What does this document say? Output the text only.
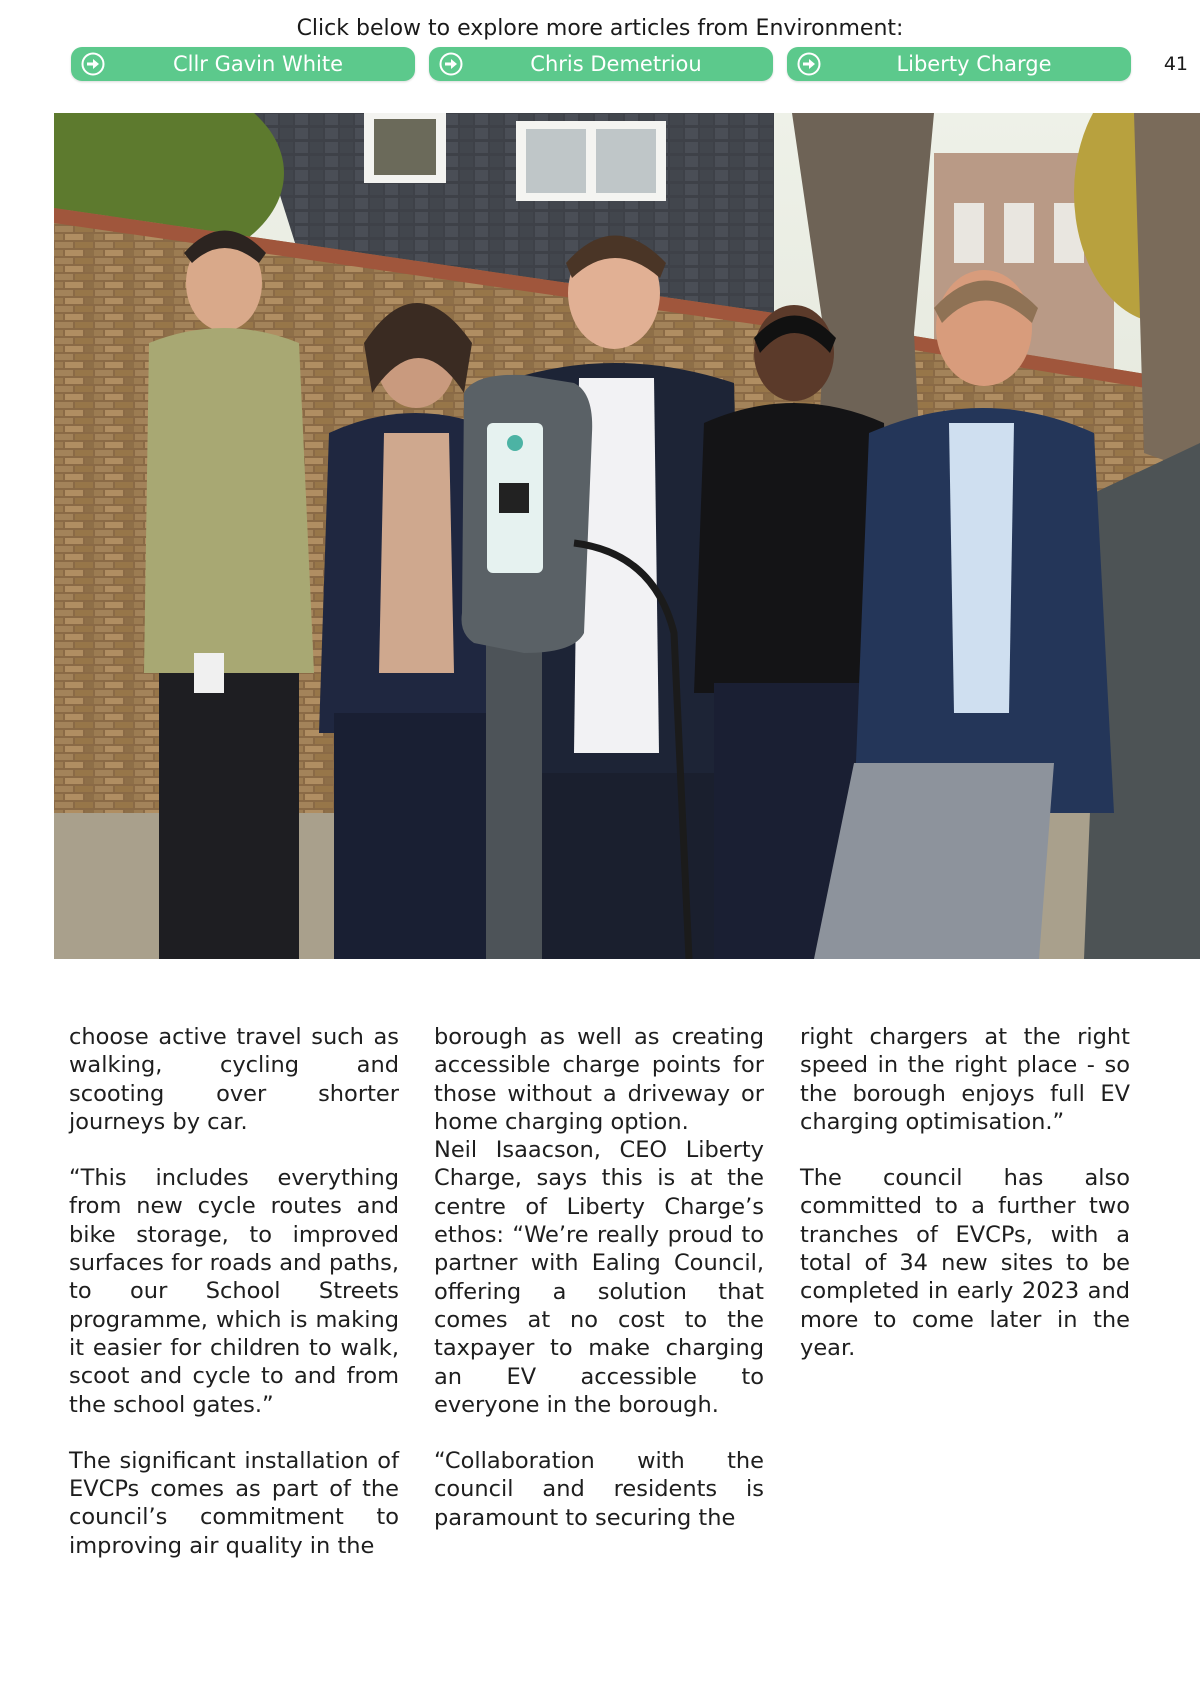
Click below to explore more articles from Environment:
Cllr Gavin White	Chris Demetriou	Liberty Charge	41

choose active travel such as walking, cycling and scooting over shorter journeys by car.

“This includes everything from new cycle routes and bike storage, to improved surfaces for roads and paths, to our School Streets programme, which is making it easier for children to walk, scoot and cycle to and from the school gates.”

The significant installation of EVCPs comes as part of the council’s commitment to improving air quality in the

borough as well as creating accessible charge points for those without a driveway or home charging option.

Neil Isaacson, CEO Liberty Charge, says this is at the centre of Liberty Charge’s ethos: “We’re really proud to partner with Ealing Council, offering a solution that comes at no cost to the taxpayer to make charging an EV accessible to everyone in the borough.

“Collaboration with the council and residents is paramount to securing the

right chargers at the right speed in the right place - so the borough enjoys full EV charging optimisation.”

The council has also committed to a further two tranches of EVCPs, with a total of 34 new sites to be completed in early 2023 and more to come later in the year.
